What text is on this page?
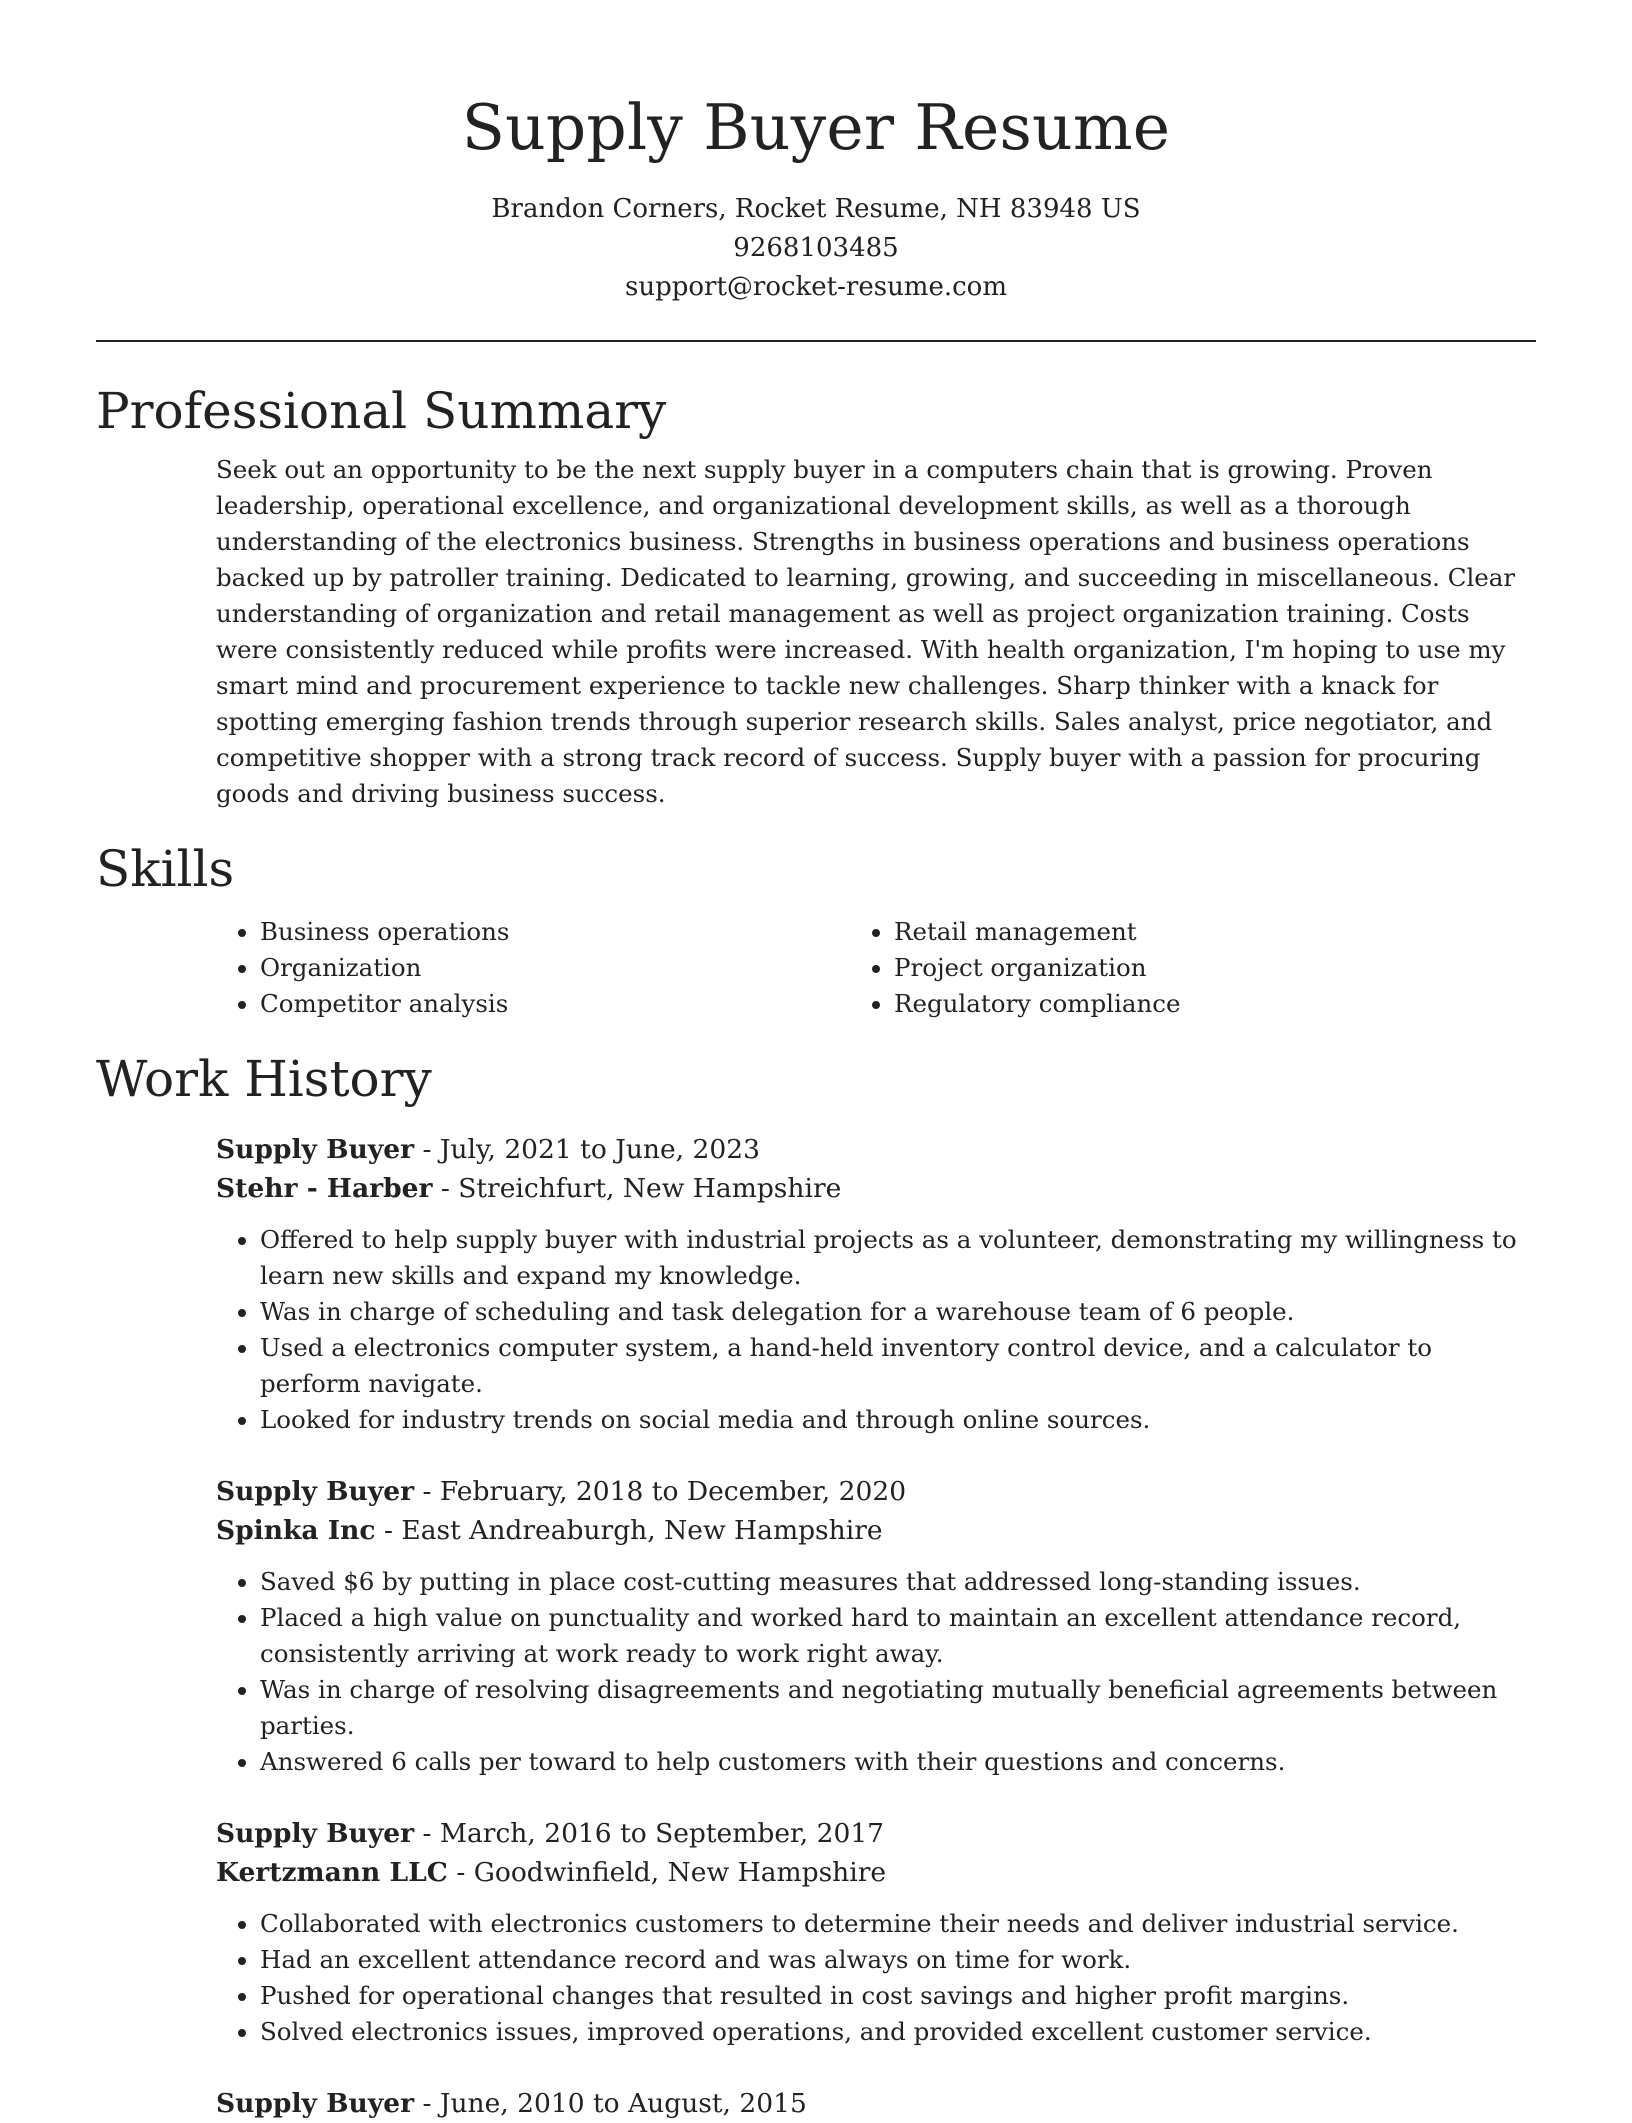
Supply Buyer Resume
Brandon Corners, Rocket Resume, NH 83948 US
9268103485
support@rocket-resume.com
Professional Summary

Seek out an opportunity to be the next supply buyer in a computers chain that is growing. Proven leadership, operational excellence, and organizational development skills, as well as a thorough understanding of the electronics business. Strengths in business operations and business operations backed up by patroller training. Dedicated to learning, growing, and succeeding in miscellaneous. Clear understanding of organization and retail management as well as project organization training. Costs were consistently reduced while profits were increased. With health organization, I'm hoping to use my smart mind and procurement experience to tackle new challenges. Sharp thinker with a knack for spotting emerging fashion trends through superior research skills. Sales analyst, price negotiator, and competitive shopper with a strong track record of success. Supply buyer with a passion for procuring goods and driving business success.

Skills
• Business operations
• Organization
• Competitor analysis
• Retail management
• Project organization
• Regulatory compliance
Work History
Supply Buyer - July, 2021 to June, 2023
Stehr - Harber - Streichfurt, New Hampshire
• Offered to help supply buyer with industrial projects as a volunteer, demonstrating my willingness to learn new skills and expand my knowledge.
• Was in charge of scheduling and task delegation for a warehouse team of 6 people.
• Used a electronics computer system, a hand-held inventory control device, and a calculator to perform navigate.
• Looked for industry trends on social media and through online sources.
Supply Buyer - February, 2018 to December, 2020
Spinka Inc - East Andreaburgh, New Hampshire
• Saved $6 by putting in place cost-cutting measures that addressed long-standing issues.
• Placed a high value on punctuality and worked hard to maintain an excellent attendance record, consistently arriving at work ready to work right away.
• Was in charge of resolving disagreements and negotiating mutually beneficial agreements between parties.
• Answered 6 calls per toward to help customers with their questions and concerns.
Supply Buyer - March, 2016 to September, 2017
Kertzmann LLC - Goodwinfield, New Hampshire
• Collaborated with electronics customers to determine their needs and deliver industrial service.
• Had an excellent attendance record and was always on time for work.
• Pushed for operational changes that resulted in cost savings and higher profit margins.
• Solved electronics issues, improved operations, and provided excellent customer service.
Supply Buyer - June, 2010 to August, 2015
